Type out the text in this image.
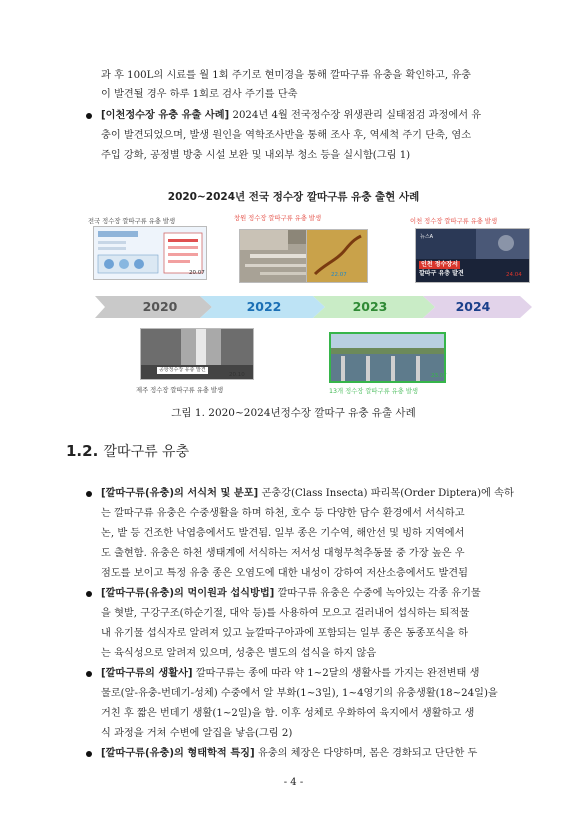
과 후 100L의 시료를 월 1회 주기로 현미경을 통해 깔따구류 유충을 확인하고, 유충
이 발견될 경우 하루 1회로 검사 주기를 단축
[이천정수장 유충 유출 사례] 2024년 4월 전국정수장 위생관리 실태점검 과정에서 유
충이 발견되었으며, 발생 원인을 역학조사반을 통해 조사 후, 역세척 주기 단축, 염소
주입 강화, 공정별 방충 시설 보완 및 내외부 청소 등을 실시함(그림 1)
2020~2024년 전국 정수장 깔따구류 유충 출현 사례
전국 정수장 깔따구류 유충 발생	창원 정수장 깔따구류 유충 발생	이천 정수장 깔따구류 유충 발생
20.07	22.07
뉴스A
인천 정수장서
깔따구 유충 발견	24.04
2020	2022	2023	2024
공항정수장 유충 발견
20.10
제주 정수장 깔따구류 유충 발생
23.07
13개 정수장 깔따구류 유충 발생
그림 1. 2020~2024년정수장 깔따구 유충 유출 사례
1.2. 깔따구류 유충
[깔따구류(유충)의 서식처 및 분포] 곤충강(Class Insecta) 파리목(Order Diptera)에 속하
는 깔따구류 유충은 수중생활을 하며 하천, 호수 등 다양한 담수 환경에서 서식하고
논, 밭 등 건조한 낙엽층에서도 발견됨. 일부 종은 기수역, 해안선 및 빙하 지역에서
도 출현함. 유충은 하천 생태계에 서식하는 저서성 대형무척추동물 중 가장 높은 우
점도를 보이고 특정 유충 종은 오염도에 대한 내성이 강하여 저산소층에서도 발견됨
[깔따구류(유충)의 먹이원과 섭식방법] 깔따구류 유충은 수중에 녹아있는 각종 유기물
을 혓발, 구강구조(하순기절, 대악 등)를 사용하여 모으고 걸러내어 섭식하는 퇴적물
내 유기물 섭식자로 알려져 있고 늪깔따구아과에 포함되는 일부 종은 동종포식을 하
는 육식성으로 알려져 있으며, 성충은 별도의 섭식을 하지 않음
[깔따구류의 생활사] 깔따구류는 종에 따라 약 1~2달의 생활사를 가지는 완전변태 생
물로(알-유충-번데기-성체) 수중에서 알 부화(1~3일), 1~4영기의 유충생활(18~24일)을
거친 후 짧은 번데기 생활(1~2일)을 함. 이후 성체로 우화하여 육지에서 생활하고 생
식 과정을 거쳐 수변에 알집을 낳음(그림 2)
[깔따구류(유충)의 형태학적 특징] 유충의 체장은 다양하며, 몸은 경화되고 단단한 두
- 4 -
